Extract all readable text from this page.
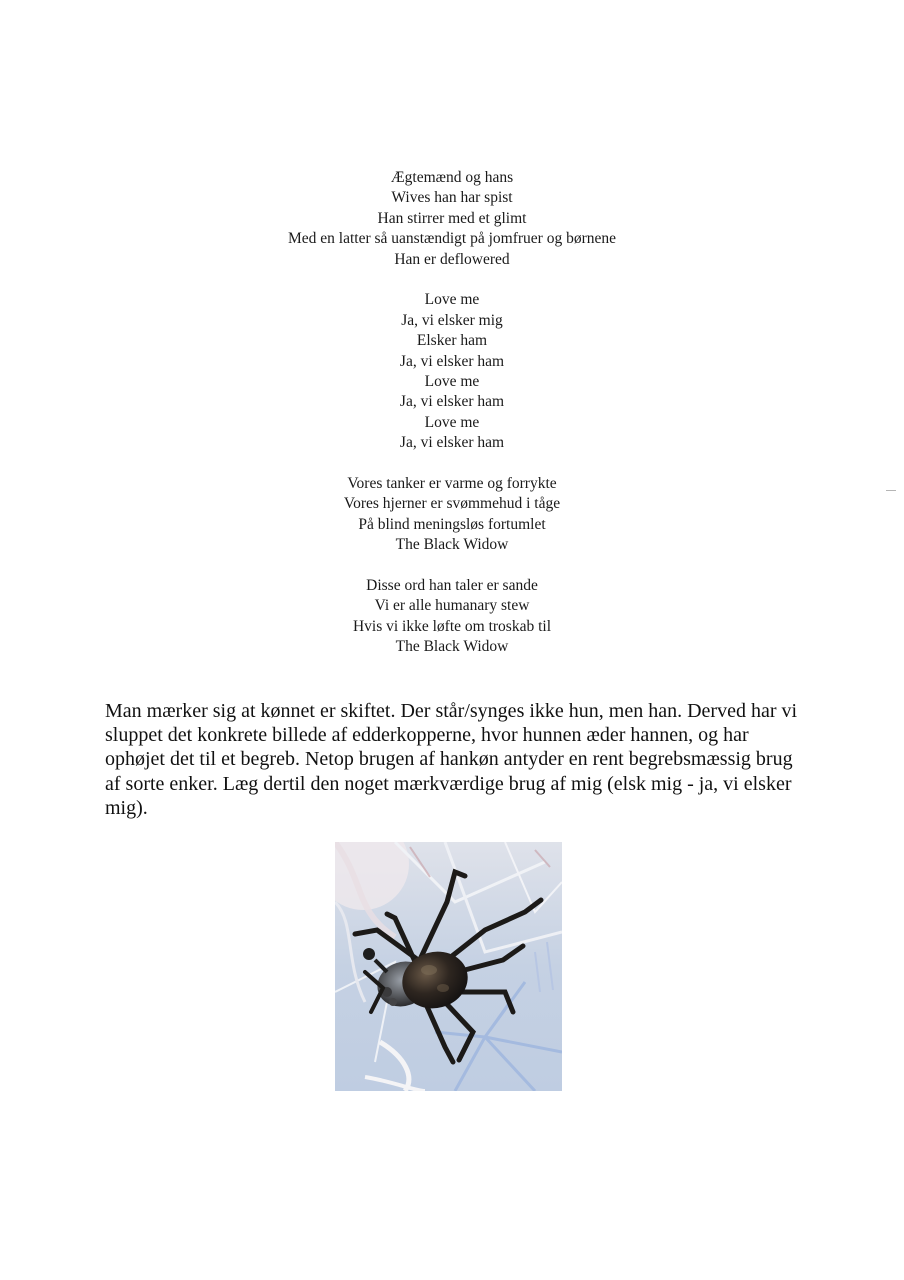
Ægtemænd og hans
Wives han har spist
Han stirrer med et glimt
Med en latter så uanstændigt på jomfruer og børnene
Han er deflowered
Love me
Ja, vi elsker mig
Elsker ham
Ja, vi elsker ham
Love me
Ja, vi elsker ham
Love me
Ja, vi elsker ham
Vores tanker er varme og forrykte
Vores hjerner er svømmehud i tåge
På blind meningsløs fortumlet
The Black Widow
Disse ord han taler er sande
Vi er alle humanary stew
Hvis vi ikke løfte om troskab til
The Black Widow

Man mærker sig at kønnet er skiftet. Der står/synges ikke hun, men han. Derved har vi sluppet det konkrete billede af edderkopperne, hvor hunnen æder hannen, og har ophøjet det til et begreb. Netop brugen af hankøn antyder en rent begrebsmæssig brug af sorte enker. Læg dertil den noget mærkværdige brug af mig (elsk mig - ja, vi elsker mig).
